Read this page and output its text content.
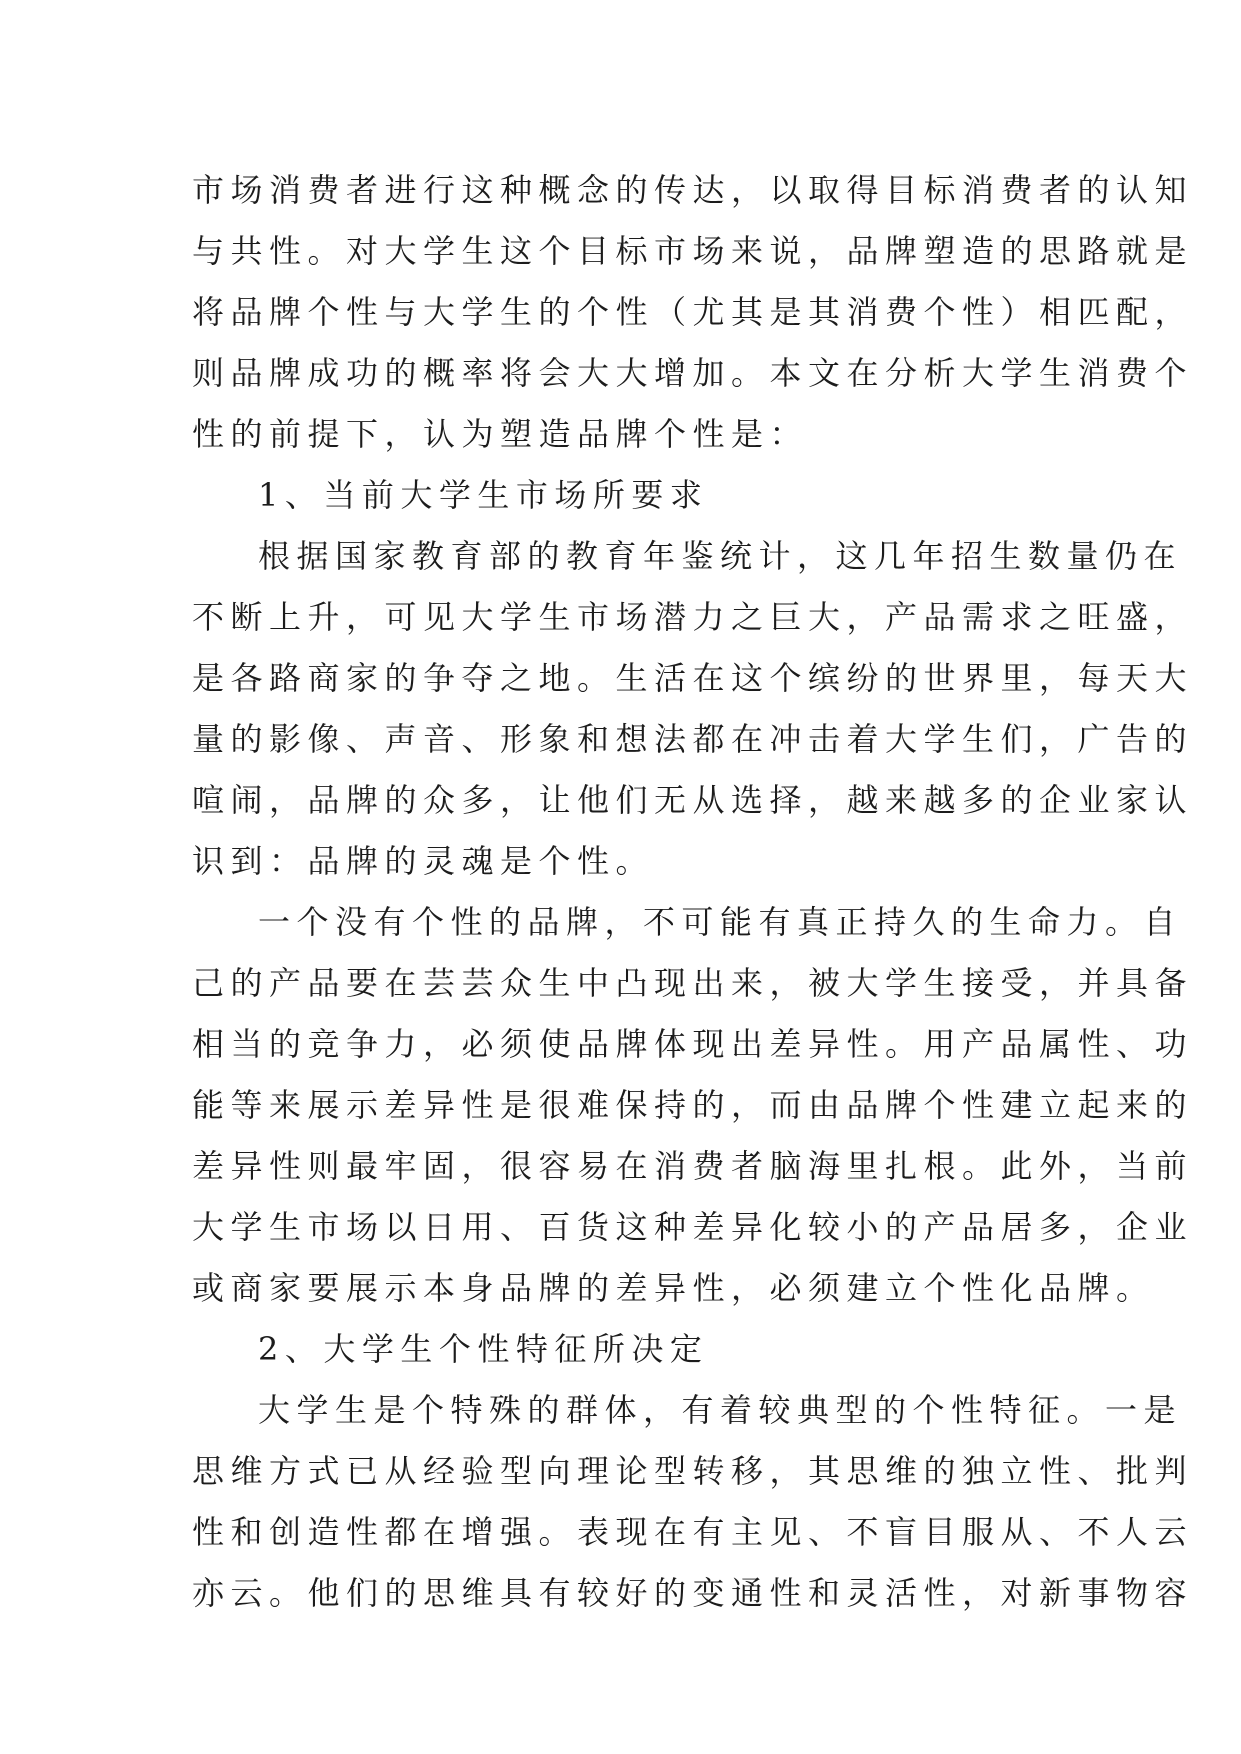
市场消费者进行这种概念的传达，以取得目标消费者的认知

与共性。对大学生这个目标市场来说，品牌塑造的思路就是

将品牌个性与大学生的个性（尤其是其消费个性）相匹配，

则品牌成功的概率将会大大增加。本文在分析大学生消费个

性的前提下，认为塑造品牌个性是：

1、当前大学生市场所要求

根据国家教育部的教育年鉴统计，这几年招生数量仍在

不断上升，可见大学生市场潜力之巨大，产品需求之旺盛，

是各路商家的争夺之地。生活在这个缤纷的世界里，每天大

量的影像、声音、形象和想法都在冲击着大学生们，广告的

喧闹，品牌的众多，让他们无从选择，越来越多的企业家认

识到：品牌的灵魂是个性。

一个没有个性的品牌，不可能有真正持久的生命力。自

己的产品要在芸芸众生中凸现出来，被大学生接受，并具备

相当的竞争力，必须使品牌体现出差异性。用产品属性、功

能等来展示差异性是很难保持的，而由品牌个性建立起来的

差异性则最牢固，很容易在消费者脑海里扎根。此外，当前

大学生市场以日用、百货这种差异化较小的产品居多，企业

或商家要展示本身品牌的差异性，必须建立个性化品牌。

2、大学生个性特征所决定

大学生是个特殊的群体，有着较典型的个性特征。一是

思维方式已从经验型向理论型转移，其思维的独立性、批判

性和创造性都在增强。表现在有主见、不盲目服从、不人云

亦云。他们的思维具有较好的变通性和灵活性，对新事物容
